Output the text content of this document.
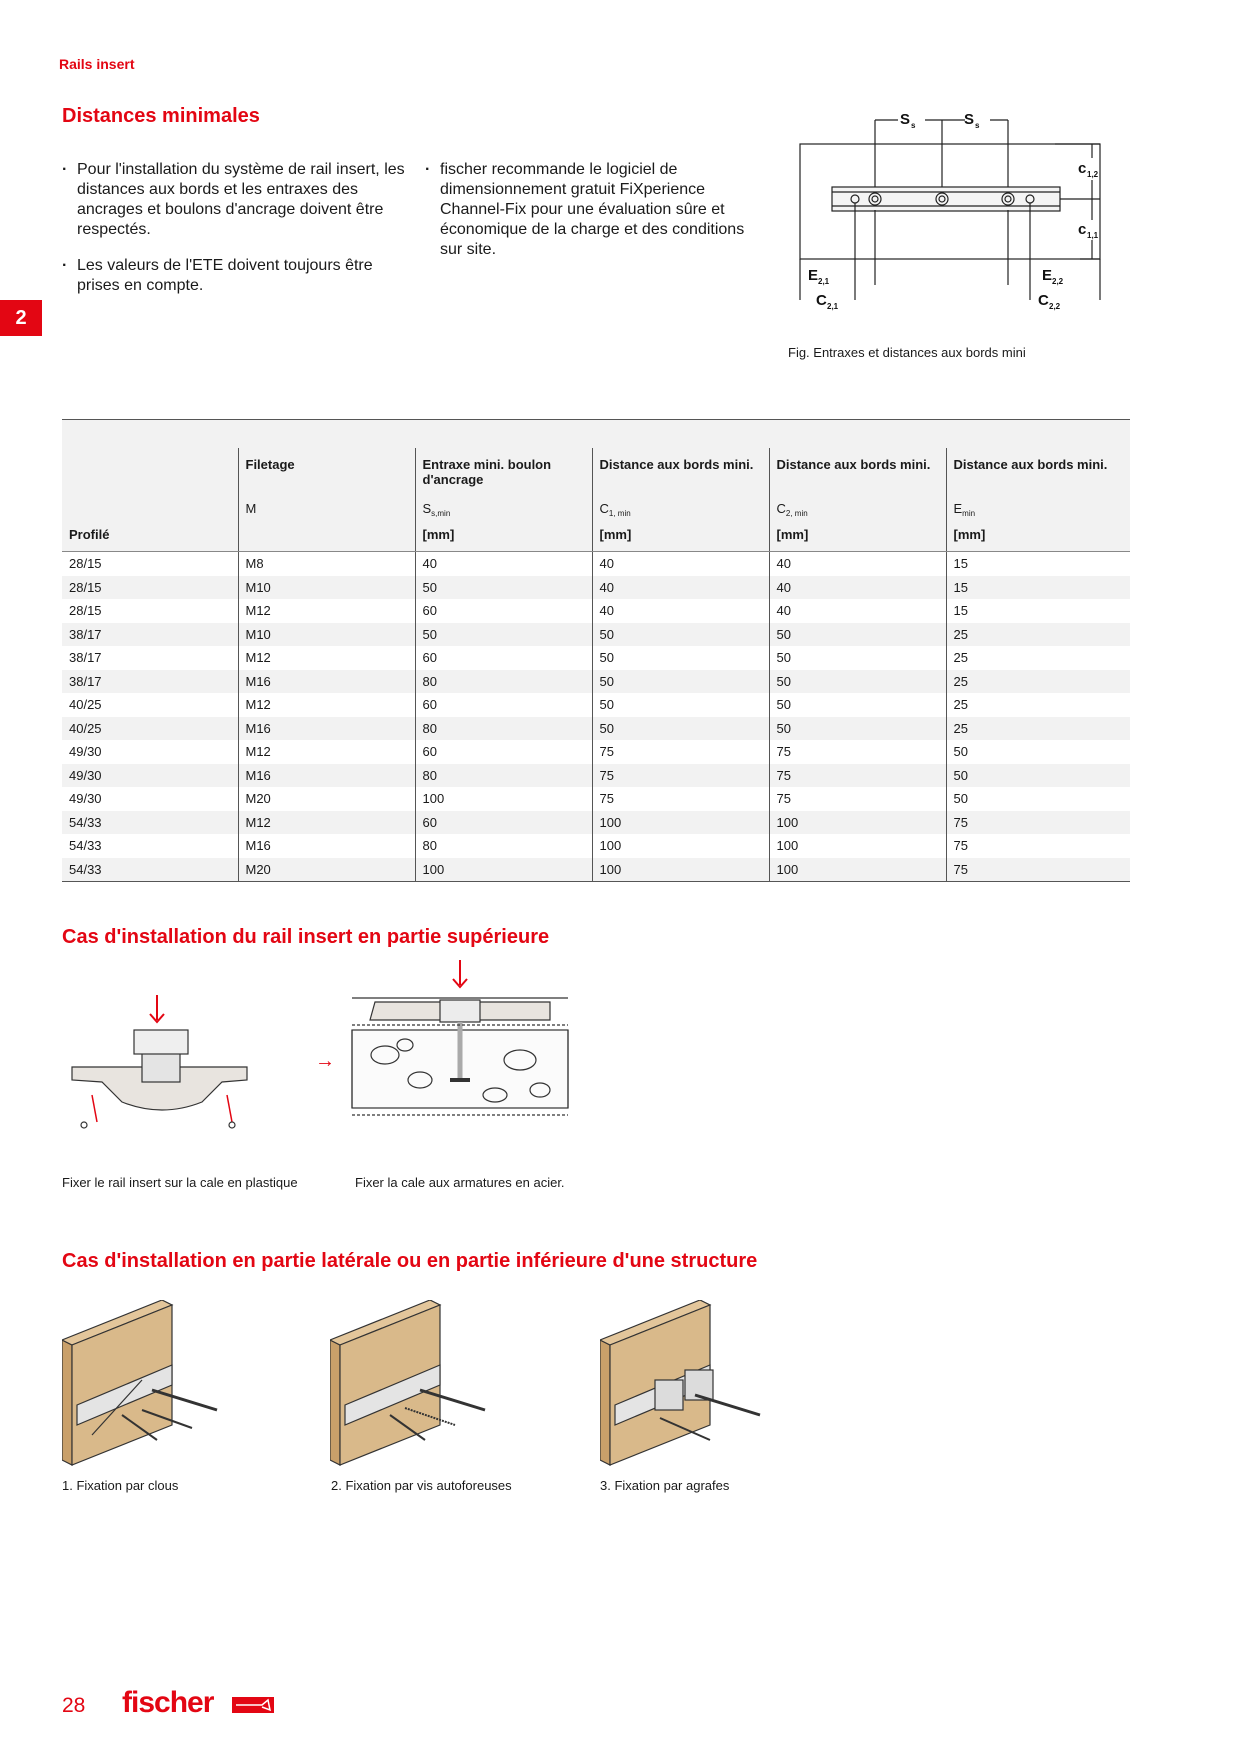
Rails insert
2
Distances minimales
· Pour l'installation du système de rail insert, les distances aux bords et les entraxes des ancrages et boulons d'ancrage doivent être respectés.
· Les valeurs de l'ETE doivent toujours être prises en compte.
· fischer recommande le logiciel de dimensionnement gratuit FiXperience Channel-Fix pour une évaluation sûre et économique de la charge et des conditions sur site.
S s	S s
c 1,2
c 1,1
E 2,1
C 2,1
E 2,2
C 2,2
Fig. Entraxes et distances aux bords mini
	Filetage	Entraxe mini. boulon d'ancrage	Distance aux bords mini.	Distance aux bords mini.	Distance aux bords mini.
	M	$S_{s,min}$	$C_{1, min}$	$C_{2, min}$	$E_{min}$
Profilé		[mm]	[mm]	[mm]	[mm]
28/15	M8	40	40	40	15
28/15	M10	50	40	40	15
28/15	M12	60	40	40	15
38/17	M10	50	50	50	25
38/17	M12	60	50	50	25
38/17	M16	80	50	50	25
40/25	M12	60	50	50	25
40/25	M16	80	50	50	25
49/30	M12	60	75	75	50
49/30	M16	80	75	75	50
49/30	M20	100	75	75	50
54/33	M12	60	100	100	75
54/33	M16	80	100	100	75
54/33	M20	100	100	100	75
Cas d'installation du rail insert en partie supérieure
→
Fixer le rail insert sur la cale en plastique	Fixer la cale aux armatures en acier.
Cas d'installation en partie latérale ou en partie inférieure d'une structure
1. Fixation par clous	2. Fixation par vis autoforeuses	3. Fixation par agrafes
28 fischer
